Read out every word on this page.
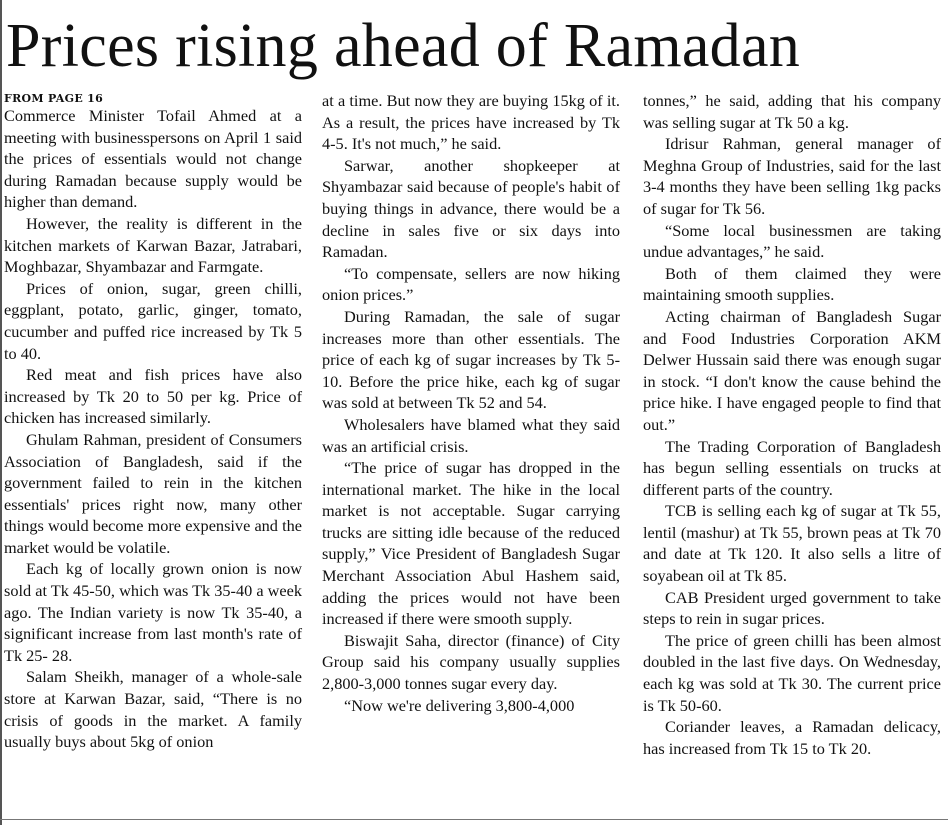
Prices rising ahead of Ramadan
FROM PAGE 16

Commerce Minister Tofail Ahmed at a meeting with businesspersons on April 1 said the prices of essentials would not change during Ramadan because supply would be higher than demand.

However, the reality is different in the kitchen markets of Karwan Bazar, Jatrabari, Moghbazar, Shyambazar and Farmgate.

Prices of onion, sugar, green chilli, eggplant, potato, garlic, ginger, tomato, cucumber and puffed rice increased by Tk 5 to 40.

Red meat and fish prices have also increased by Tk 20 to 50 per kg. Price of chicken has increased similarly.

Ghulam Rahman, president of Consumers Association of Bangladesh, said if the government failed to rein in the kitchen essentials' prices right now, many other things would become more expensive and the market would be volatile.

Each kg of locally grown onion is now sold at Tk 45-50, which was Tk 35-40 a week ago. The Indian variety is now Tk 35-40, a significant increase from last month's rate of Tk 25- 28.

Salam Sheikh, manager of a whole-sale store at Karwan Bazar, said, “There is no crisis of goods in the market. A family usually buys about 5kg of onion

at a time. But now they are buying 15kg of it. As a result, the prices have increased by Tk 4-5. It's not much,” he said.

Sarwar, another shopkeeper at Shyambazar said because of people's habit of buying things in advance, there would be a decline in sales five or six days into Ramadan.

“To compensate, sellers are now hiking onion prices.”

During Ramadan, the sale of sugar increases more than other essentials. The price of each kg of sugar increases by Tk 5-10. Before the price hike, each kg of sugar was sold at between Tk 52 and 54.

Wholesalers have blamed what they said was an artificial crisis.

“The price of sugar has dropped in the international market. The hike in the local market is not acceptable. Sugar carrying trucks are sitting idle because of the reduced supply,” Vice President of Bangladesh Sugar Merchant Association Abul Hashem said, adding the prices would not have been increased if there were smooth supply.

Biswajit Saha, director (finance) of City Group said his company usually supplies 2,800-3,000 tonnes sugar every day.

“Now we're delivering 3,800-4,000

tonnes,” he said, adding that his company was selling sugar at Tk 50 a kg.

Idrisur Rahman, general manager of Meghna Group of Industries, said for the last 3-4 months they have been selling 1kg packs of sugar for Tk 56.

“Some local businessmen are taking undue advantages,” he said.

Both of them claimed they were maintaining smooth supplies.

Acting chairman of Bangladesh Sugar and Food Industries Corporation AKM Delwer Hussain said there was enough sugar in stock. “I don't know the cause behind the price hike. I have engaged people to find that out.”

The Trading Corporation of Bangladesh has begun selling essentials on trucks at different parts of the country.

TCB is selling each kg of sugar at Tk 55, lentil (mashur) at Tk 55, brown peas at Tk 70 and date at Tk 120. It also sells a litre of soyabean oil at Tk 85.

CAB President urged government to take steps to rein in sugar prices.

The price of green chilli has been almost doubled in the last five days. On Wednesday, each kg was sold at Tk 30. The current price is Tk 50-60.

Coriander leaves, a Ramadan delicacy, has increased from Tk 15 to Tk 20.
